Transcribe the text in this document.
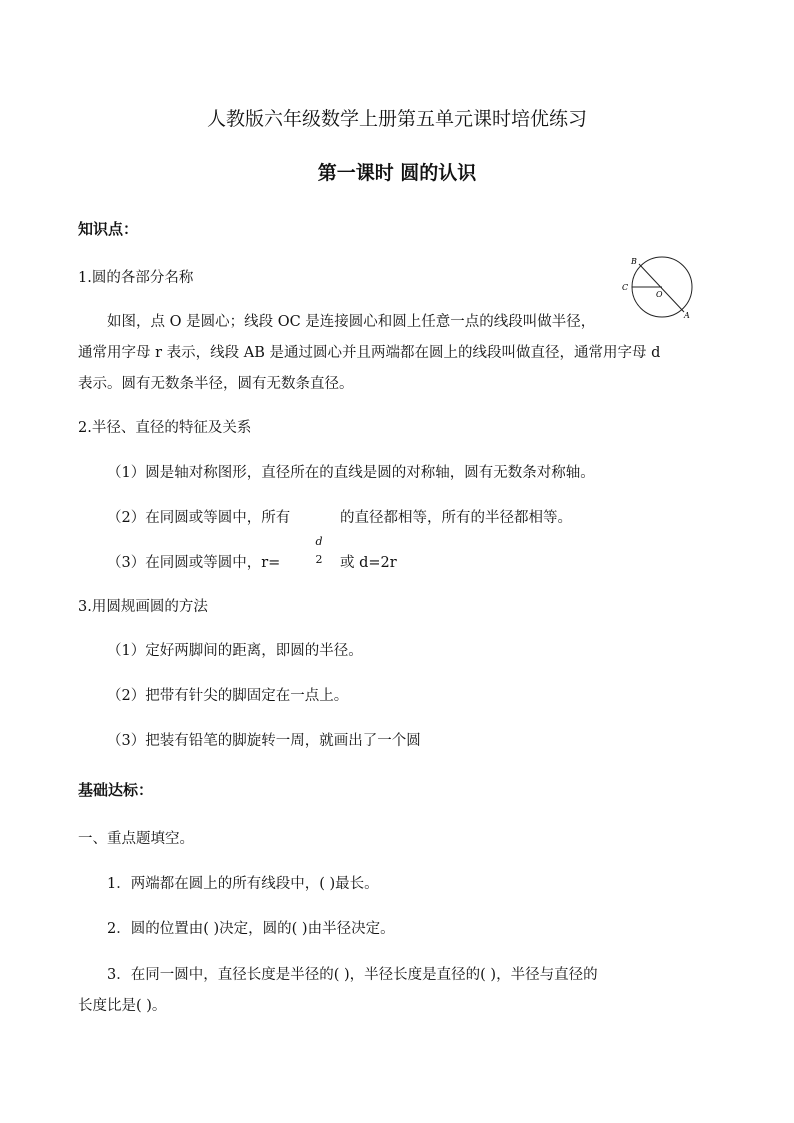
人教版六年级数学上册第五单元课时培优练习
第一课时 圆的认识
知识点：
1.圆的各部分名称
B
C
O
A
如图，点 O 是圆心；线段 OC 是连接圆心和圆上任意一点的线段叫做半径，
通常用字母 r 表示，线段 AB 是通过圆心并且两端都在圆上的线段叫做直径，通常用字母 d
表示。圆有无数条半径，圆有无数条直径。
2.半径、直径的特征及关系
（1）圆是轴对称图形，直径所在的直线是圆的对称轴，圆有无数条对称轴。
（2）在同圆或等圆中，所有	的直径都相等，所有的半径都相等。
（3）在同圆或等圆中，r=
d
2 或 d=2r
3.用圆规画圆的方法
（1）定好两脚间的距离，即圆的半径。
（2）把带有针尖的脚固定在一点上。
（3）把装有铅笔的脚旋转一周，就画出了一个圆
基础达标：
一、重点题填空。
1．两端都在圆上的所有线段中，( )最长。
2．圆的位置由( )决定，圆的( )由半径决定。
3．在同一圆中，直径长度是半径的( )，半径长度是直径的( )，半径与直径的
长度比是( )。
